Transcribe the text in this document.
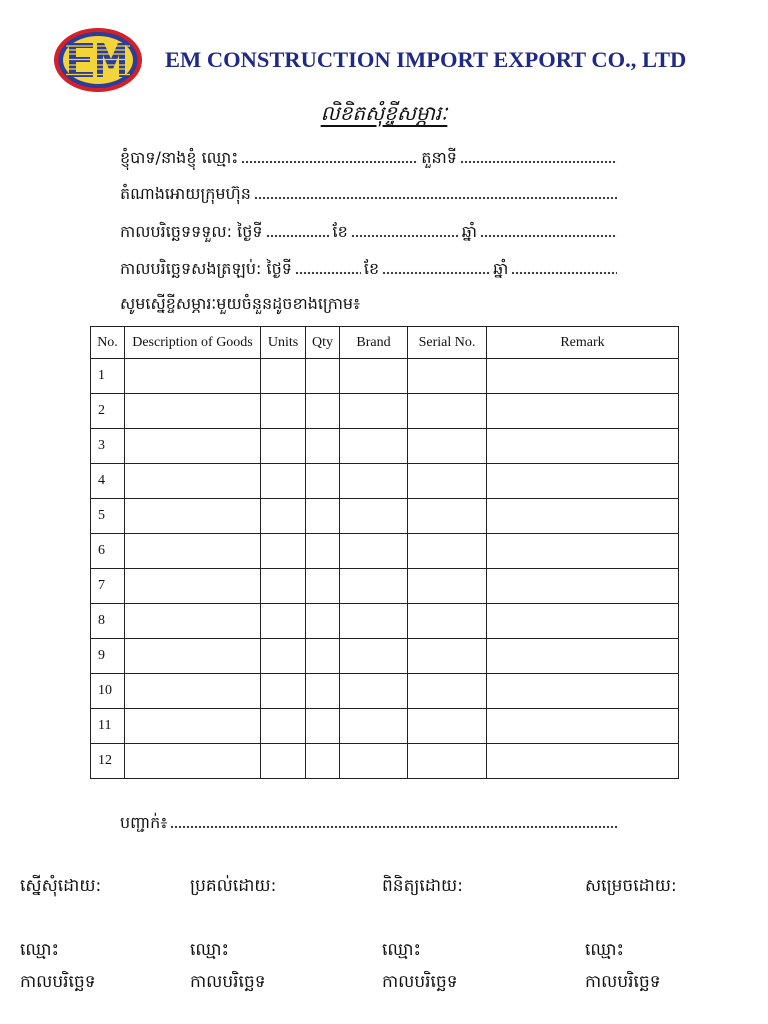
EM CONSTRUCTION IMPORT EXPORT CO., LTD
លិខិតសុំខ្ចីសម្ភារៈ
ខ្ញុំបាទ/នាងខ្ញុំ ឈ្មោះ	តួនាទី
តំណាងអោយក្រុមហ៊ុន
កាលបរិច្ឆេទទទួល: ថ្ងៃទី	ខែ	ឆ្នាំ
កាលបរិច្ឆេទសងត្រឡប់: ថ្ងៃទី	ខែ	ឆ្នាំ
សូមស្នើខ្ចីសម្ភារៈមួយចំនួនដូចខាងក្រោម៖
No.	Description of Goods	Units	Qty	Brand	Serial No.	Remark
1						
2						
3						
4						
5						
6						
7						
8						
9						
10						
11						
12						
បញ្ជាក់៖
ស្នើសុំដោយ:
ឈ្មោះ
កាលបរិច្ឆេទ
ប្រគល់ដោយ:
ឈ្មោះ
កាលបរិច្ឆេទ
ពិនិត្យដោយ:
ឈ្មោះ
កាលបរិច្ឆេទ
សម្រេចដោយ:
ឈ្មោះ
កាលបរិច្ឆេទ
